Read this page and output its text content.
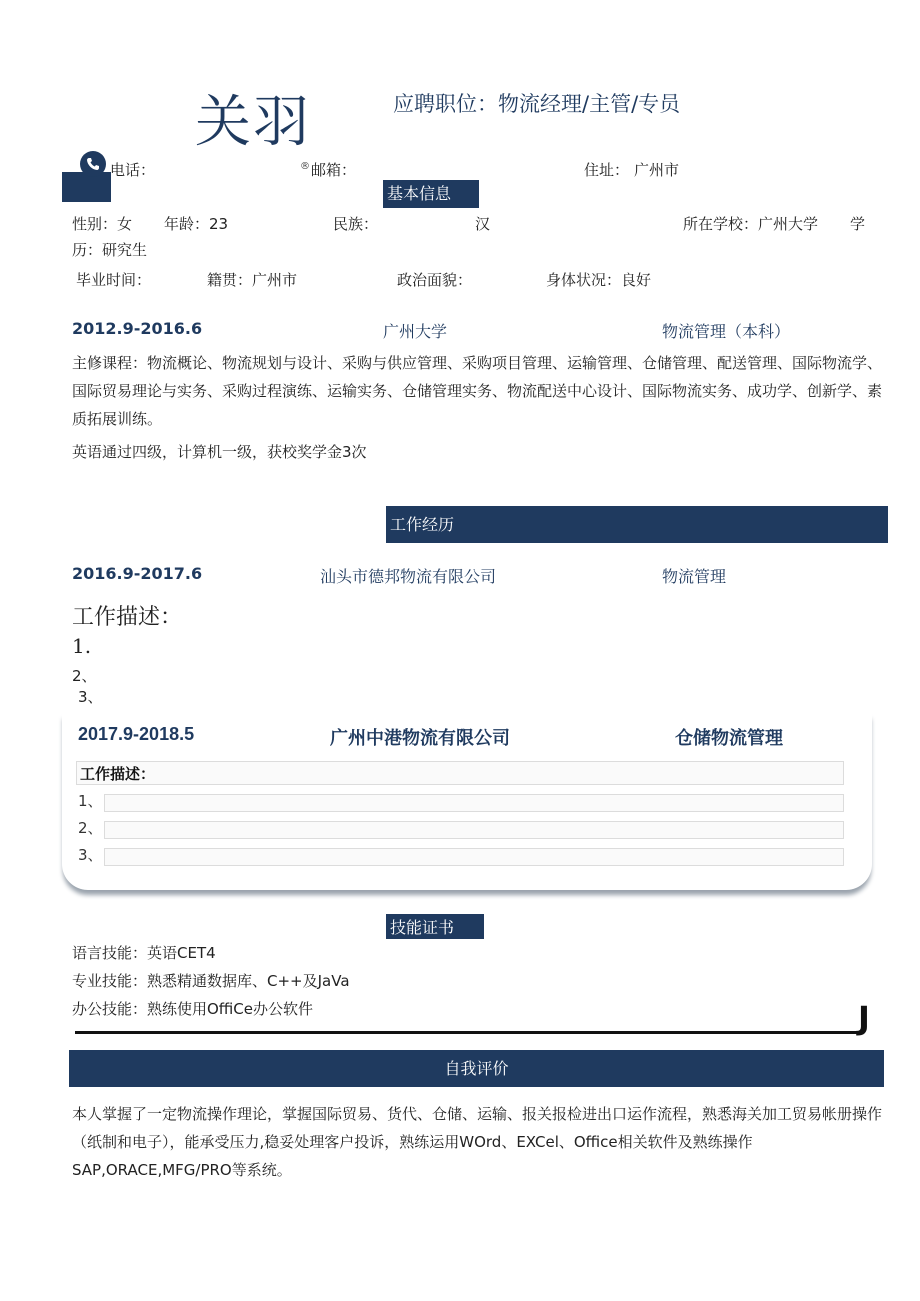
关羽	应聘职位：物流经理/主管/专员
电话：	® 邮箱：	住址： 广州市
基本信息
性别：女 年龄：23	民族：	汉	所在学校：广州大学 学
历：研究生
毕业时间：	籍贯：广州市	政治面貌：	身体状况：良好
2012.9-2016.6	广州大学	物流管理（本科）
主修课程：物流概论、物流规划与设计、采购与供应管理、采购项目管理、运输管理、仓储管理、配送管理、国际物流学、国际贸易理论与实务、采购过程演练、运输实务、仓储管理实务、物流配送中心设计、国际物流实务、成功学、创新学、素质拓展训练。
英语通过四级，计算机一级，获校奖学金3次
工作经历
2016.9-2017.6	汕头市德邦物流有限公司	物流管理
工作描述：
1.
2、
3、
2017.9-2018.5	广州中港物流有限公司	仓储物流管理
工作描述：
1、
2、
3、
技能证书
语言技能：英语CET4
专业技能：熟悉精通数据库、C++及JaVa
办公技能：熟练使用OffiCe办公软件	J
自我评价
本人掌握了一定物流操作理论，掌握国际贸易、货代、仓储、运输、报关报检进出口运作流程，熟悉海关加工贸易帐册操作（纸制和电子），能承受压力,稳妥处理客户投诉，熟练运用WOrd、EXCel、Office相关软件及熟练操作SAP,ORACE,MFG/PRO等系统。
